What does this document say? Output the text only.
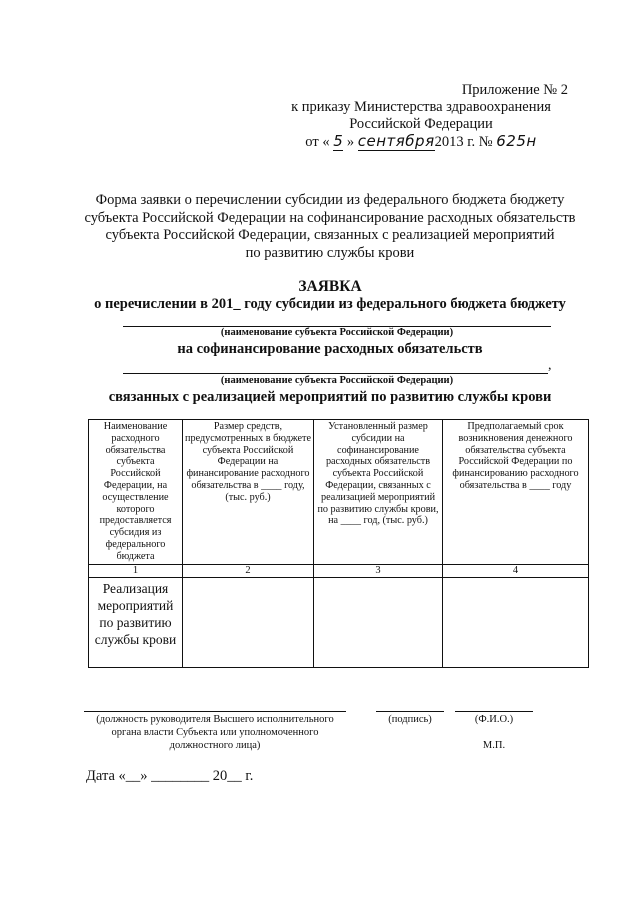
Приложение № 2
к приказу Министерства здравоохранения
Российской Федерации
от « 5 » сентября2013 г. № 625н
Форма заявки о перечислении субсидии из федерального бюджета бюджету
субъекта Российской Федерации на софинансирование расходных обязательств
субъекта Российской Федерации, связанных с реализацией мероприятий
по развитию службы крови
ЗАЯВКА
о перечислении в 201_ году субсидии из федерального бюджета бюджету
(наименование субъекта Российской Федерации)
на софинансирование расходных обязательств
,
(наименование субъекта Российской Федерации)
связанных с реализацией мероприятий по развитию службы крови
Наименование расходного обязательства субъекта Российской Федерации, на осуществление которого предоставляется субсидия из федерального бюджета	Размер средств, предусмотренных в бюджете субъекта Российской Федерации на финансирование расходного обязательства в ____ году, (тыс. руб.)	Установленный размер субсидии на софинансирование расходных обязательств субъекта Российской Федерации, связанных с реализацией мероприятий по развитию службы крови, на ____ год, (тыс. руб.)	Предполагаемый срок возникновения денежного обязательства субъекта Российской Федерации по финансированию расходного обязательства в ____ году
1	2	3	4
Реализация мероприятий по развитию службы крови			
(должность руководителя Высшего исполнительного органа власти Субъекта или уполномоченного должностного лица)
(подпись)	(Ф.И.О.)
М.П.
Дата «__» ________ 20__ г.
